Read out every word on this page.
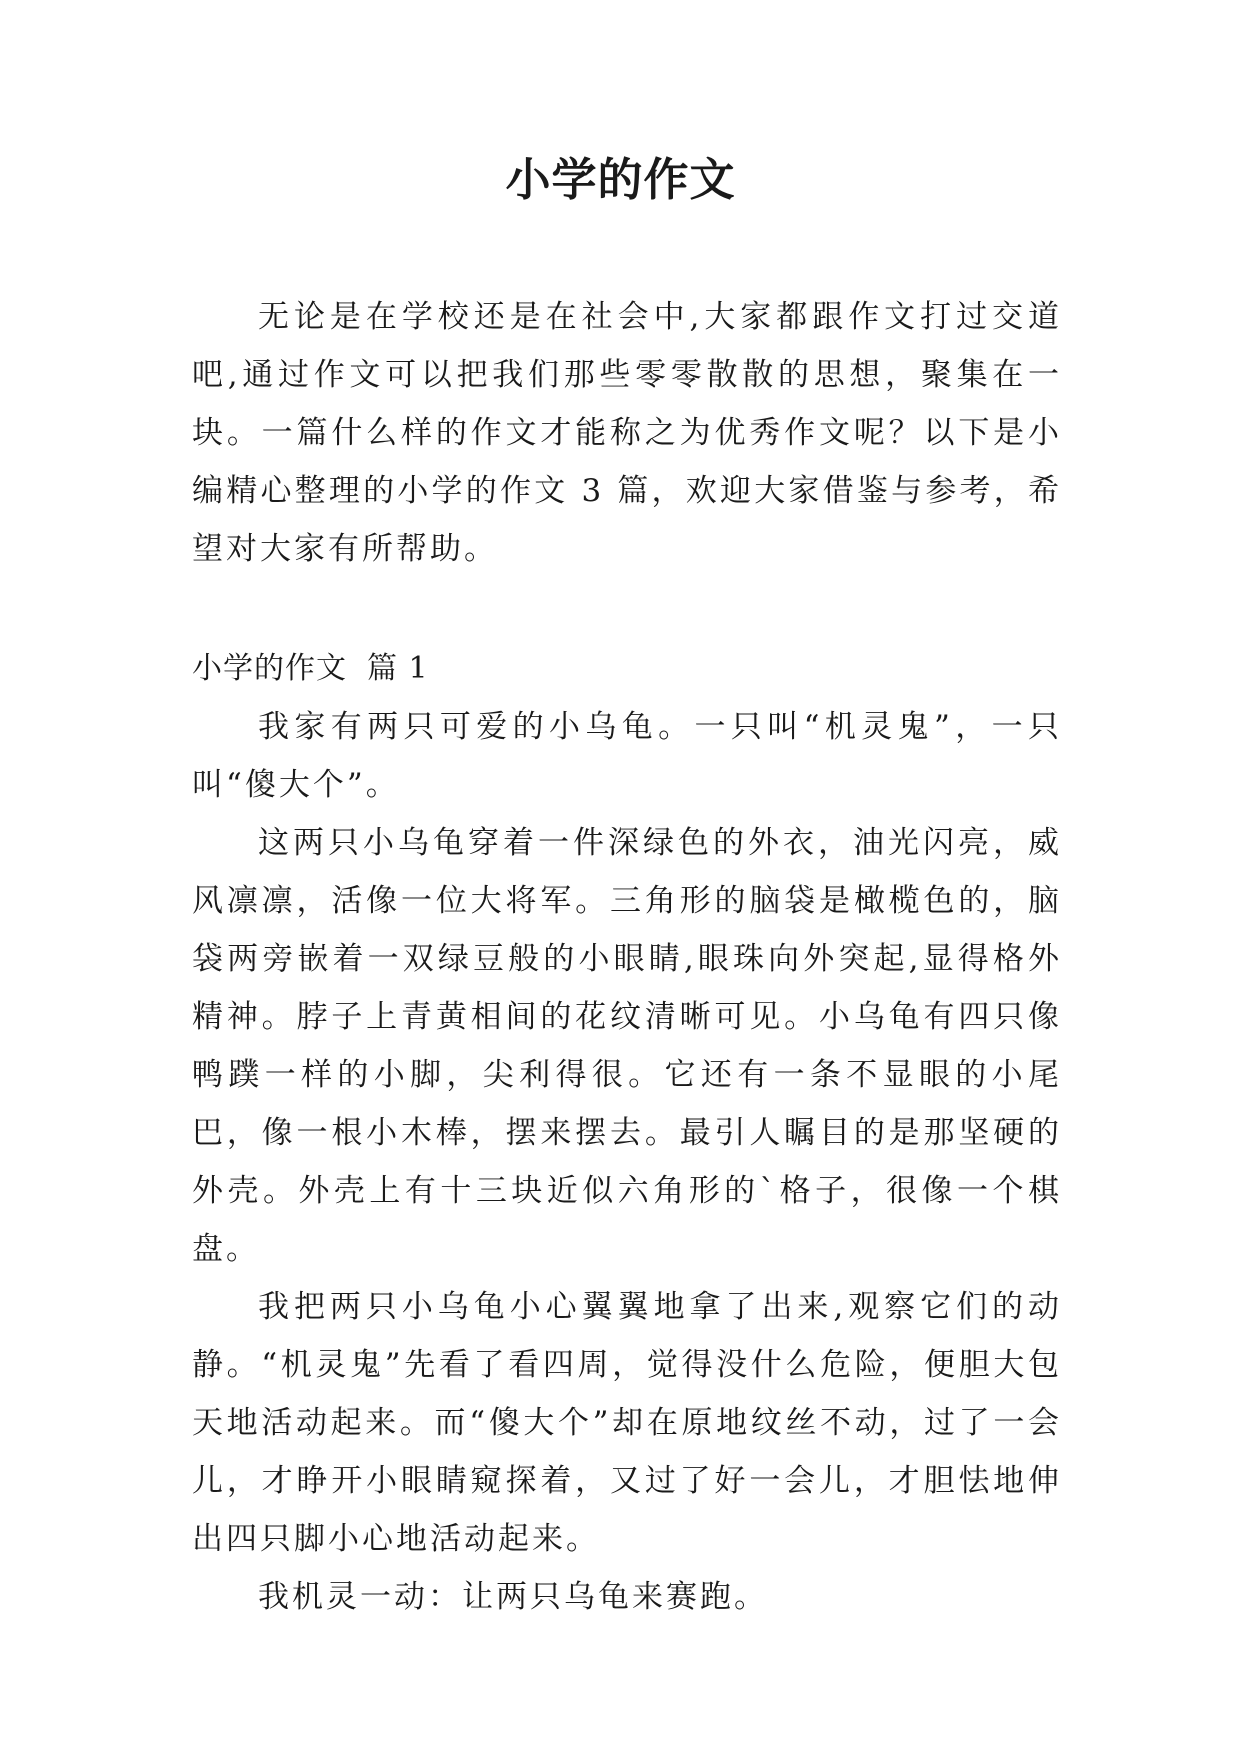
小学的作文

无论是在学校还是在社会中,大家都跟作文打过交道吧,通过作文可以把我们那些零零散散的思想，聚集在一块。一篇什么样的作文才能称之为优秀作文呢？以下是小编精心整理的小学的作文 3 篇，欢迎大家借鉴与参考，希望对大家有所帮助。

小学的作文 篇 1

我家有两只可爱的小乌龟。一只叫“机灵鬼”，一只叫“傻大个”。

这两只小乌龟穿着一件深绿色的外衣，油光闪亮，威风凛凛，活像一位大将军。三角形的脑袋是橄榄色的，脑袋两旁嵌着一双绿豆般的小眼睛,眼珠向外突起,显得格外精神。脖子上青黄相间的花纹清晰可见。小乌龟有四只像鸭蹼一样的小脚，尖利得很。它还有一条不显眼的小尾巴，像一根小木棒，摆来摆去。最引人瞩目的是那坚硬的外壳。外壳上有十三块近似六角形的`格子，很像一个棋盘。

我把两只小乌龟小心翼翼地拿了出来,观察它们的动静。“机灵鬼”先看了看四周，觉得没什么危险，便胆大包天地活动起来。而“傻大个”却在原地纹丝不动，过了一会儿，才睁开小眼睛窥探着，又过了好一会儿，才胆怯地伸出四只脚小心地活动起来。

我机灵一动：让两只乌龟来赛跑。
